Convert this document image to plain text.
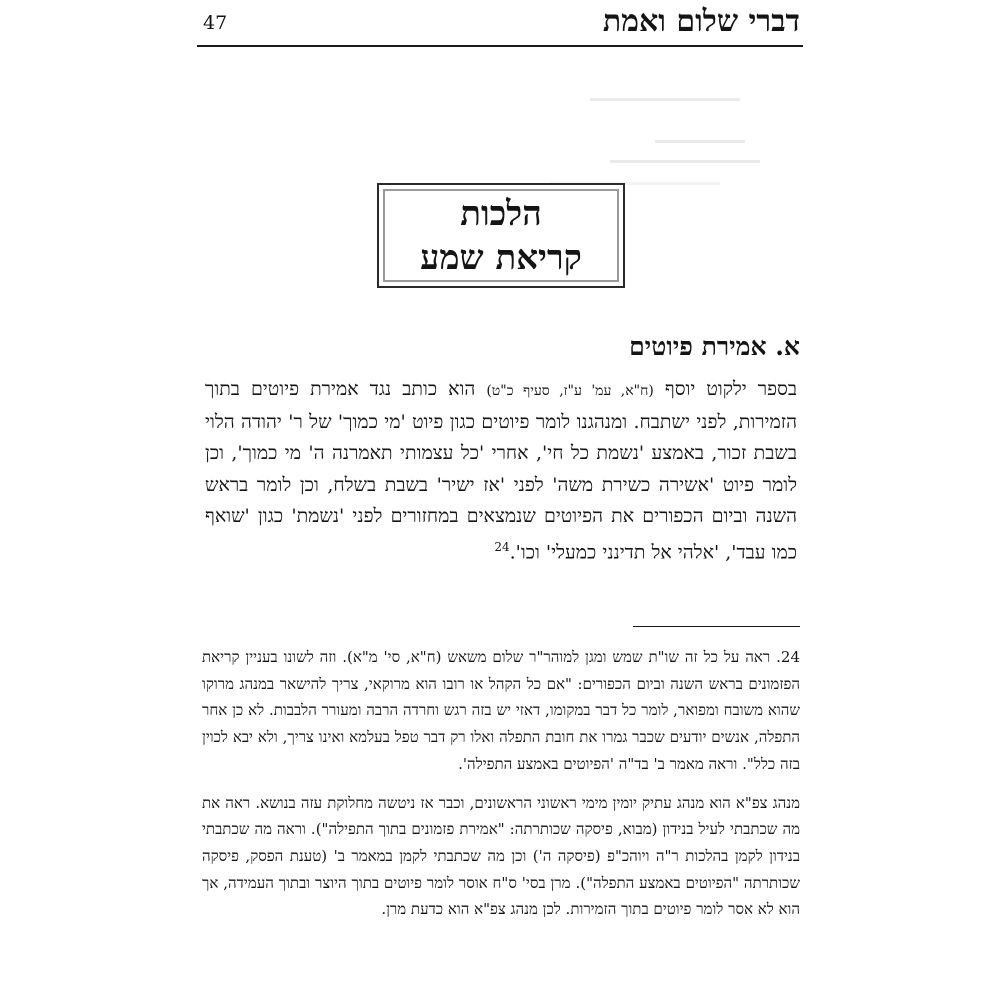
דברי שלום ואמת
47
הלכות
קריאת שמע
א. אמירת פיוטים
בספר ילקוט יוסף (ח"א, עמ' ע"ז, סעיף כ"ט) הוא כותב נגד אמירת פיוטים בתוך הזמירות, לפני ישתבח. ומנהגנו לומר פיוטים כגון פיוט 'מי כמוך' של ר' יהודה הלוי בשבת זכור, באמצע 'נשמת כל חי', אחרי 'כל עצמותי תאמרנה ה' מי כמוך', וכן לומר פיוט 'אשירה כשירת משה' לפני 'אז ישיר' בשבת בשלח, וכן לומר בראש השנה וביום הכפורים את הפיוטים שנמצאים במחזורים לפני 'נשמת' כגון 'שואף כמו עבד', 'אלהי אל תדינני כמעלי' וכו'.$^{24}$

24. ראה על כל זה שו"ת שמש ומגן למוהר"ר שלום משאש (ח"א, סי' מ"א). וזה לשונו בעניין קריאת הפזמונים בראש השנה וביום הכפורים: "אם כל הקהל או רובו הוא מרוקאי, צריך להישאר במנהג מרוקו שהוא משובח ומפואר, לומר כל דבר במקומו, דאזי יש בזה רגש וחרדה הרבה ומעורר הלבבות. לא כן אחר התפלה, אנשים יודעים שכבר גמרו את חובת התפלה ואלו רק דבר טפל בעלמא ואינו צריך, ולא יבא לכוין בזה כלל". וראה מאמר ב' בד"ה 'הפיוטים באמצע התפילה'.

מנהג צפ"א הוא מנהג עתיק יומין מימי ראשוני הראשונים, וכבר אז ניטשה מחלוקת עזה בנושא. ראה את מה שכתבתי לעיל בנידון (מבוא, פיסקה שכותרתה: "אמירת פזמונים בתוך התפילה"). וראה מה שכתבתי בנידון לקמן בהלכות ר"ה ויוהכ"פ (פיסקה ה') וכן מה שכתבתי לקמן במאמר ב' (טענת הפסק, פיסקה שכותרתה "הפיוטים באמצע התפלה"). מרן בסי' ס"ח אוסר לומר פיוטים בתוך היוצר ובתוך העמידה, אך הוא לא אסר לומר פיוטים בתוך הזמירות. לכן מנהג צפ"א הוא כדעת מרן.
